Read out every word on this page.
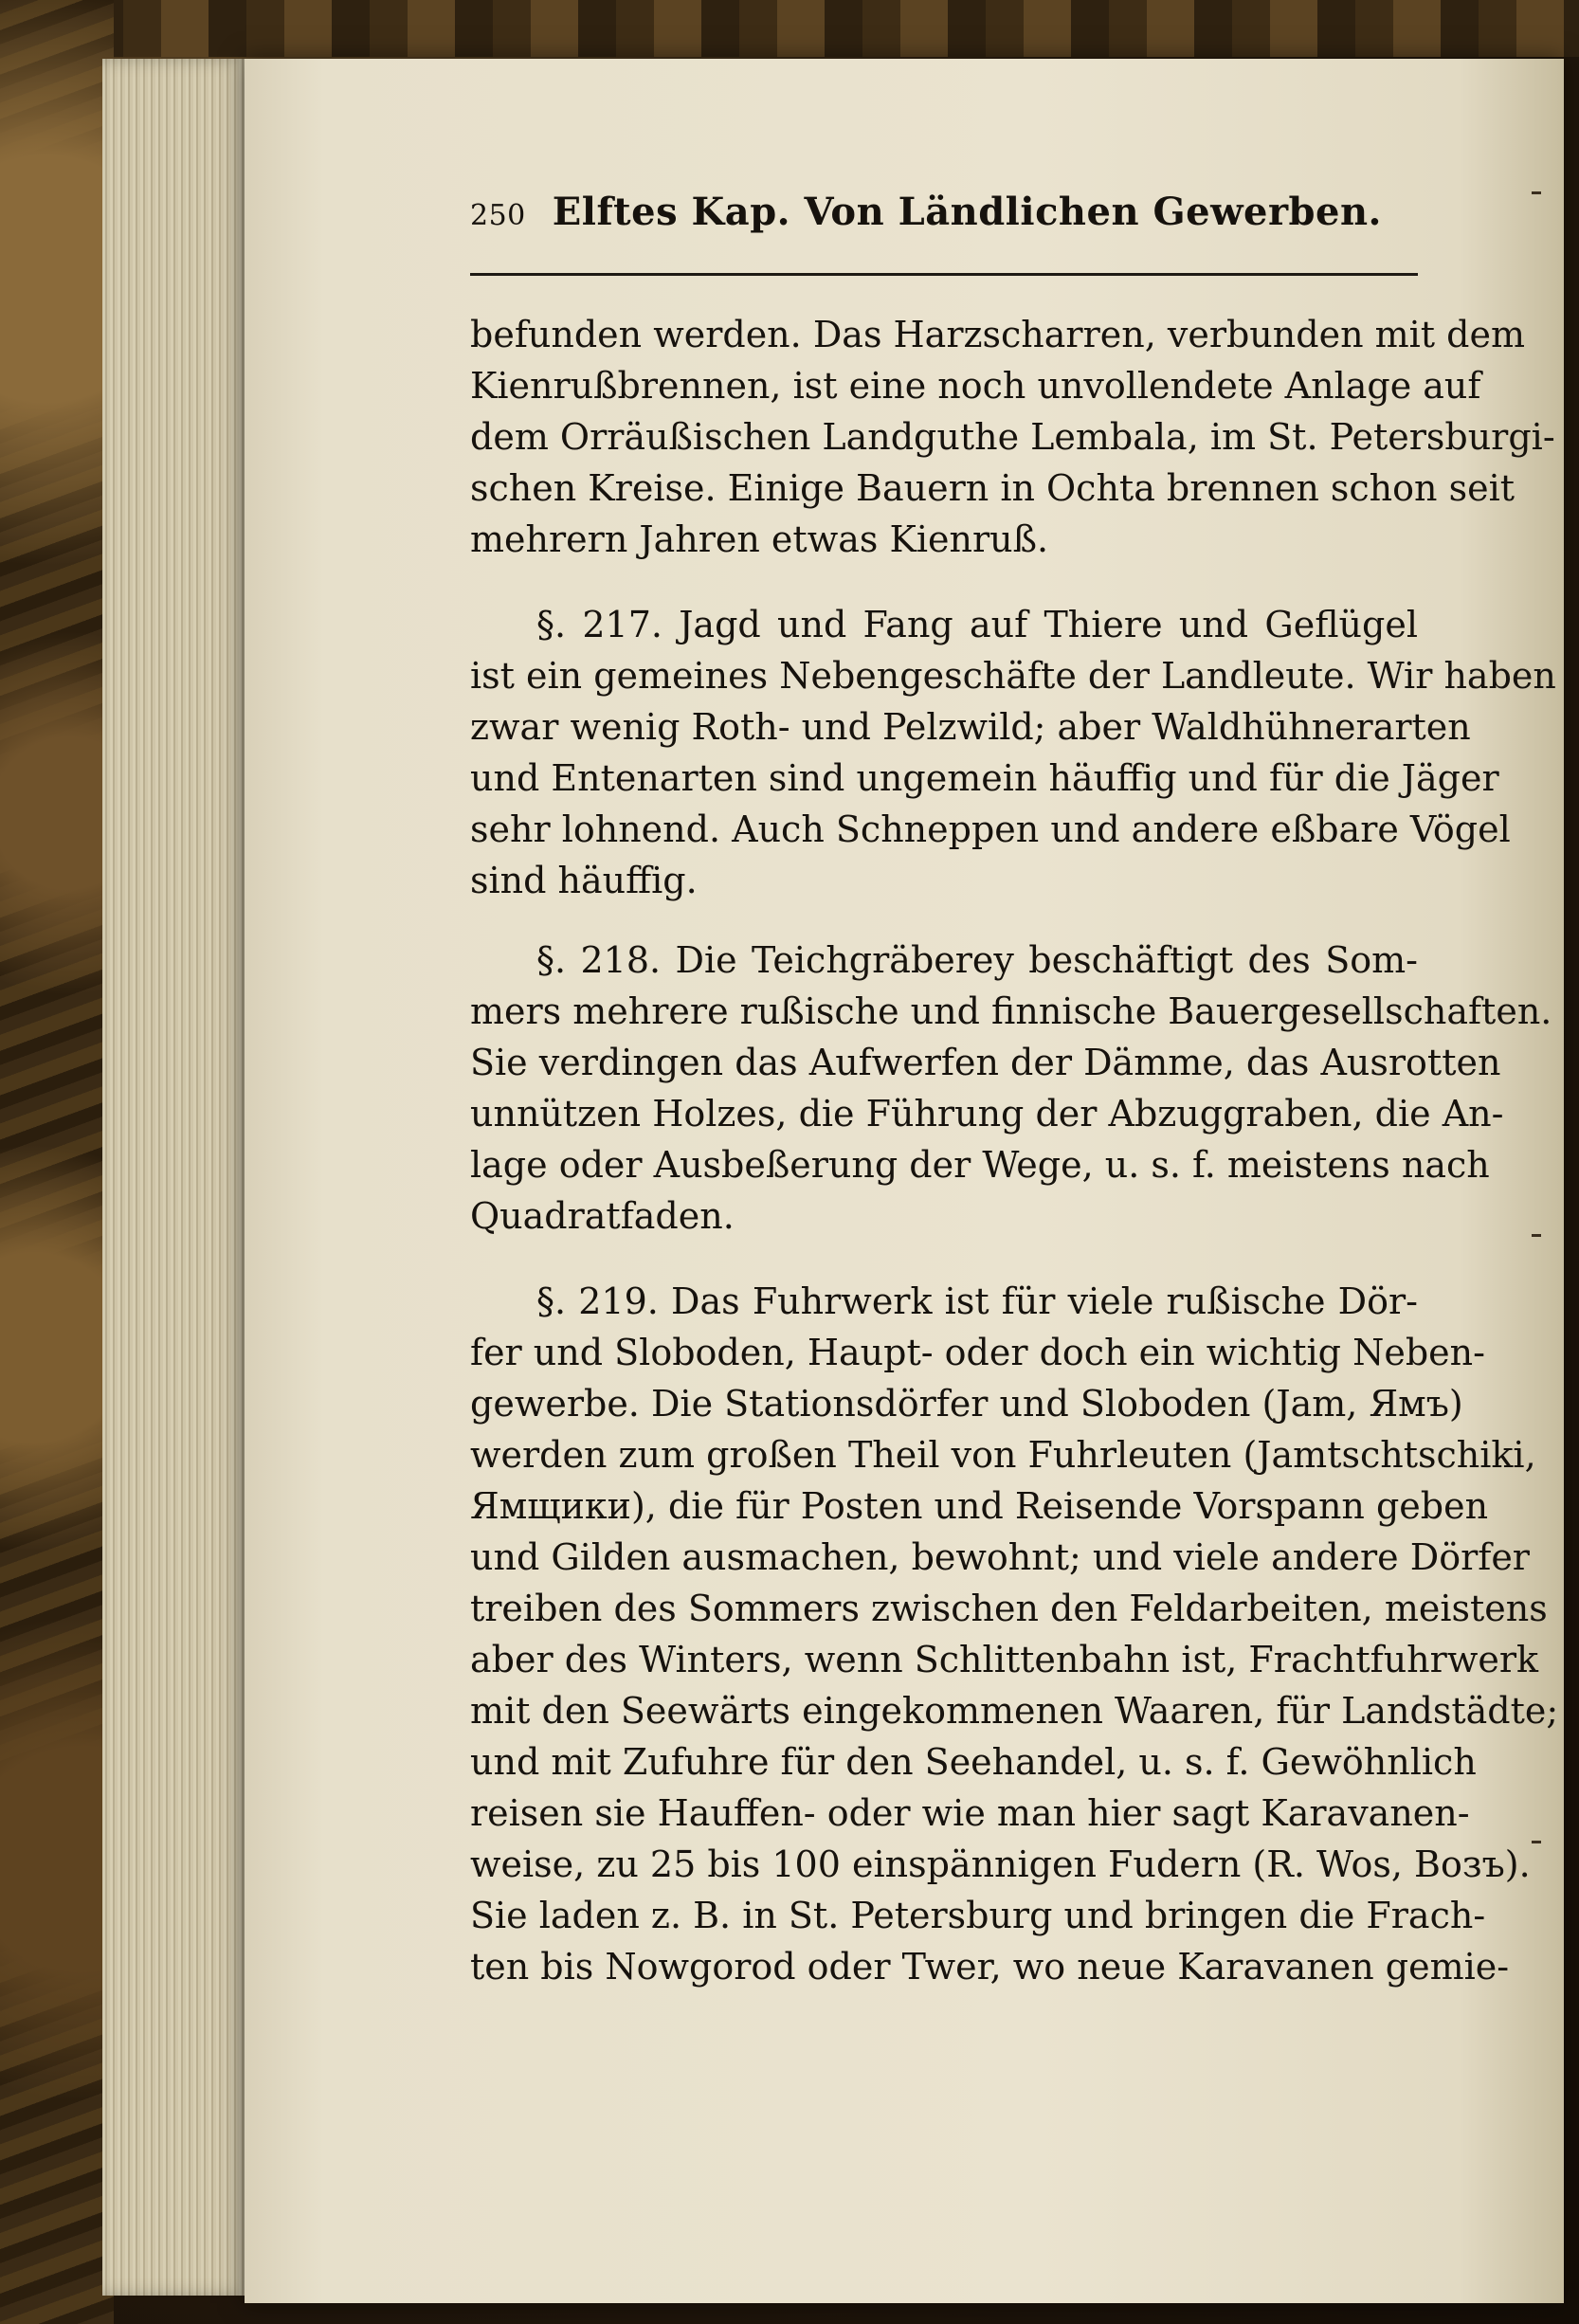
250 Elftes Kap. Von Ländlichen Gewerben.
befunden werden. Das Harzscharren, verbunden mit dem
Kienrußbrennen, ist eine noch unvollendete Anlage auf
dem Orräußischen Landguthe Lembala, im St. Petersburgi-
schen Kreise. Einige Bauern in Ochta brennen schon seit
mehrern Jahren etwas Kienruß.
§. 217. Jagd und Fang auf Thiere und Geflügel
ist ein gemeines Nebengeschäfte der Landleute. Wir haben
zwar wenig Roth- und Pelzwild; aber Waldhühnerarten
und Entenarten sind ungemein häuffig und für die Jäger
sehr lohnend. Auch Schneppen und andere eßbare Vögel
sind häuffig.
§. 218. Die Teichgräberey beschäftigt des Som-
mers mehrere rußische und finnische Bauergesellschaften.
Sie verdingen das Aufwerfen der Dämme, das Ausrotten
unnützen Holzes, die Führung der Abzuggraben, die An-
lage oder Ausbeßerung der Wege, u. s. f. meistens nach
Quadratfaden.
§. 219. Das Fuhrwerk ist für viele rußische Dör-
fer und Sloboden, Haupt- oder doch ein wichtig Neben-
gewerbe. Die Stationsdörfer und Sloboden (Jam, Ямъ)
werden zum großen Theil von Fuhrleuten (Jamtschtschiki,
Ямщики), die für Posten und Reisende Vorspann geben
und Gilden ausmachen, bewohnt; und viele andere Dörfer
treiben des Sommers zwischen den Feldarbeiten, meistens
aber des Winters, wenn Schlittenbahn ist, Frachtfuhrwerk
mit den Seewärts eingekommenen Waaren, für Landstädte;
und mit Zufuhre für den Seehandel, u. s. f. Gewöhnlich
reisen sie Hauffen- oder wie man hier sagt Karavanen-
weise, zu 25 bis 100 einspännigen Fudern (R. Wos, Возъ).
Sie laden z. B. in St. Petersburg und bringen die Frach-
ten bis Nowgorod oder Twer, wo neue Karavanen gemie-
